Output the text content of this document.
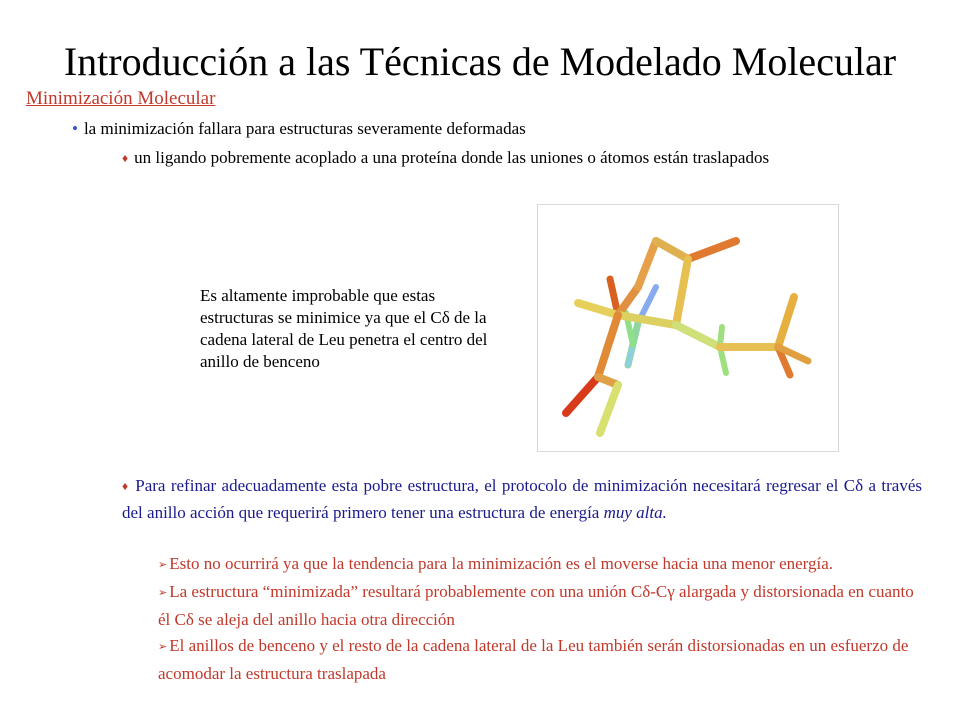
Introducción a las Técnicas de Modelado Molecular
Minimización Molecular
• la minimización fallara para estructuras severamente deformadas
♦ un ligando pobremente acoplado a una proteína donde las uniones o átomos están traslapados
Es altamente improbable que estas estructuras se minimice ya que el Cδ de la cadena lateral de Leu penetra el centro del anillo de benceno
♦ Para refinar adecuadamente esta pobre estructura, el protocolo de minimización necesitará regresar el Cδ a través del anillo acción que requerirá primero tener una estructura de energía muy alta.

➢ Esto no ocurrirá ya que la tendencia para la minimización es el moverse hacia una menor energía.

➢ La estructura “minimizada” resultará probablemente con una unión Cδ-Cγ alargada y distorsionada en cuanto él Cδ se aleja del anillo hacia otra dirección

➢ El anillos de benceno y el resto de la cadena lateral de la Leu también serán distorsionadas en un esfuerzo de acomodar la estructura traslapada
